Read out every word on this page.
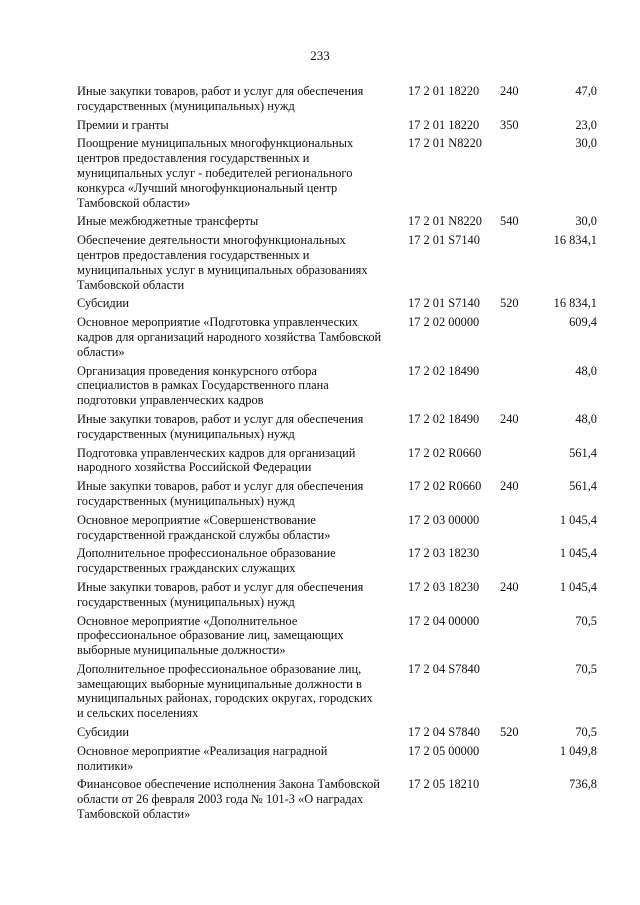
233
Иные закупки товаров, работ и услуг для обеспечения государственных (муниципальных) нужд	17 2 01 18220	240	47,0
Премии и гранты	17 2 01 18220	350	23,0
Поощрение муниципальных многофункциональных центров предоставления государственных и муниципальных услуг - победителей регионального конкурса «Лучший многофункциональный центр Тамбовской области»	17 2 01 N8220		30,0
Иные межбюджетные трансферты	17 2 01 N8220	540	30,0
Обеспечение деятельности многофункциональных центров предоставления государственных и муниципальных услуг в муниципальных образованиях Тамбовской области	17 2 01 S7140		16 834,1
Субсидии	17 2 01 S7140	520	16 834,1
Основное мероприятие «Подготовка управленческих кадров для организаций народного хозяйства Тамбовской области»	17 2 02 00000		609,4
Организация проведения конкурсного отбора специалистов в рамках Государственного плана подготовки управленческих кадров	17 2 02 18490		48,0
Иные закупки товаров, работ и услуг для обеспечения государственных (муниципальных) нужд	17 2 02 18490	240	48,0
Подготовка управленческих кадров для организаций народного хозяйства Российской Федерации	17 2 02 R0660		561,4
Иные закупки товаров, работ и услуг для обеспечения государственных (муниципальных) нужд	17 2 02 R0660	240	561,4
Основное мероприятие «Совершенствование государственной гражданской службы области»	17 2 03 00000		1 045,4
Дополнительное профессиональное образование государственных гражданских служащих	17 2 03 18230		1 045,4
Иные закупки товаров, работ и услуг для обеспечения государственных (муниципальных) нужд	17 2 03 18230	240	1 045,4
Основное мероприятие «Дополнительное профессиональное образование лиц, замещающих выборные муниципальные должности»	17 2 04 00000		70,5
Дополнительное профессиональное образование лиц, замещающих выборные муниципальные должности в муниципальных районах, городских округах, городских и сельских поселениях	17 2 04 S7840		70,5
Субсидии	17 2 04 S7840	520	70,5
Основное мероприятие «Реализация наградной политики»	17 2 05 00000		1 049,8
Финансовое обеспечение исполнения Закона Тамбовской области от 26 февраля 2003 года № 101-З «О наградах Тамбовской области»	17 2 05 18210		736,8
